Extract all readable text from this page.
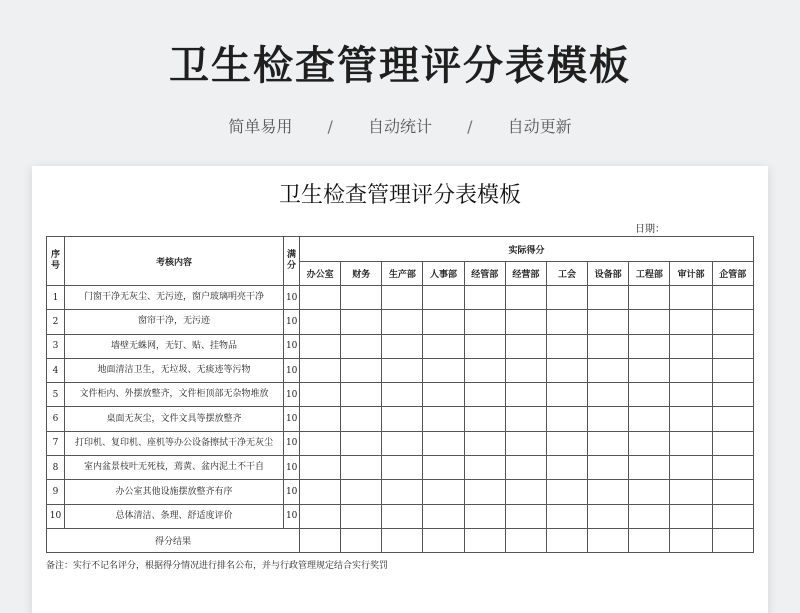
卫生检查管理评分表模板
简单易用 / 自动统计 / 自动更新
卫生检查管理评分表模板
日期：
序号	考核内容	满分	实际得分										
			办公室	财务	生产部	人事部	经管部	经营部	工会	设备部	工程部	审计部	企管部
1	门窗干净无灰尘、无污迹，窗户玻璃明亮干净	10											
2	窗帘干净，无污迹	10											
3	墙壁无蛛网，无钉、贴、挂物品	10											
4	地面清洁卫生，无垃圾、无痰迹等污物	10											
5	文件柜内、外摆放整齐，文件柜顶部无杂物堆放	10											
6	桌面无灰尘，文件文具等摆放整齐	10											
7	打印机、复印机、座机等办公设备擦拭干净无灰尘	10											
8	室内盆景枝叶无死枝，蔫黄、盆内泥土不干自	10											
9	办公室其他设施摆放整齐有序	10											
10	总体清洁、条理、舒适度评价	10											
得分结果													
备注：实行不记名评分，根据得分情况进行排名公布，并与行政管理规定结合实行奖罚
